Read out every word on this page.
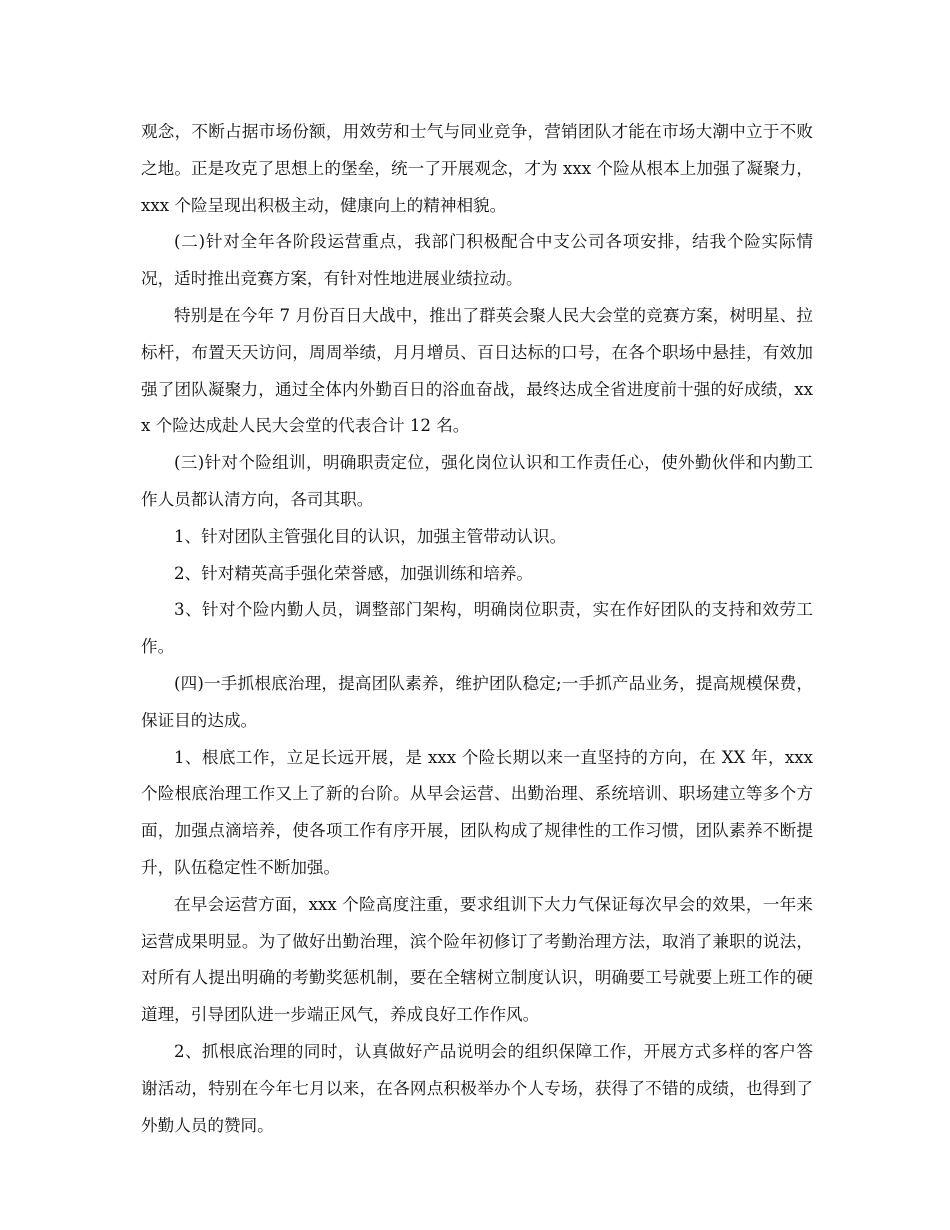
观念，不断占据市场份额，用效劳和士气与同业竞争，营销团队才能在市场大潮中立于不败之地。正是攻克了思想上的堡垒，统一了开展观念，才为 xxx 个险从根本上加强了凝聚力，xxx 个险呈现出积极主动，健康向上的精神相貌。

(二)针对全年各阶段运营重点，我部门积极配合中支公司各项安排，结我个险实际情况，适时推出竞赛方案，有针对性地进展业绩拉动。

特别是在今年 7 月份百日大战中，推出了群英会聚人民大会堂的竞赛方案，树明星、拉标杆，布置天天访问，周周举绩，月月增员、百日达标的口号，在各个职场中悬挂，有效加强了团队凝聚力，通过全体内外勤百日的浴血奋战，最终达成全省进度前十强的好成绩，xxx 个险达成赴人民大会堂的代表合计 12 名。

(三)针对个险组训，明确职责定位，强化岗位认识和工作责任心，使外勤伙伴和内勤工作人员都认清方向，各司其职。

1、针对团队主管强化目的认识，加强主管带动认识。

2、针对精英高手强化荣誉感，加强训练和培养。

3、针对个险内勤人员，调整部门架构，明确岗位职责，实在作好团队的支持和效劳工作。

(四)一手抓根底治理，提高团队素养，维护团队稳定;一手抓产品业务，提高规模保费，保证目的达成。

1、根底工作，立足长远开展，是 xxx 个险长期以来一直坚持的方向，在 XX 年，xxx 个险根底治理工作又上了新的台阶。从早会运营、出勤治理、系统培训、职场建立等多个方面，加强点滴培养，使各项工作有序开展，团队构成了规律性的工作习惯，团队素养不断提升，队伍稳定性不断加强。

在早会运营方面，xxx 个险高度注重，要求组训下大力气保证每次早会的效果，一年来运营成果明显。为了做好出勤治理，滨个险年初修订了考勤治理方法，取消了兼职的说法，对所有人提出明确的考勤奖惩机制，要在全辖树立制度认识，明确要工号就要上班工作的硬道理，引导团队进一步端正风气，养成良好工作作风。

2、抓根底治理的同时，认真做好产品说明会的组织保障工作，开展方式多样的客户答谢活动，特别在今年七月以来，在各网点积极举办个人专场，获得了不错的成绩，也得到了外勤人员的赞同。
